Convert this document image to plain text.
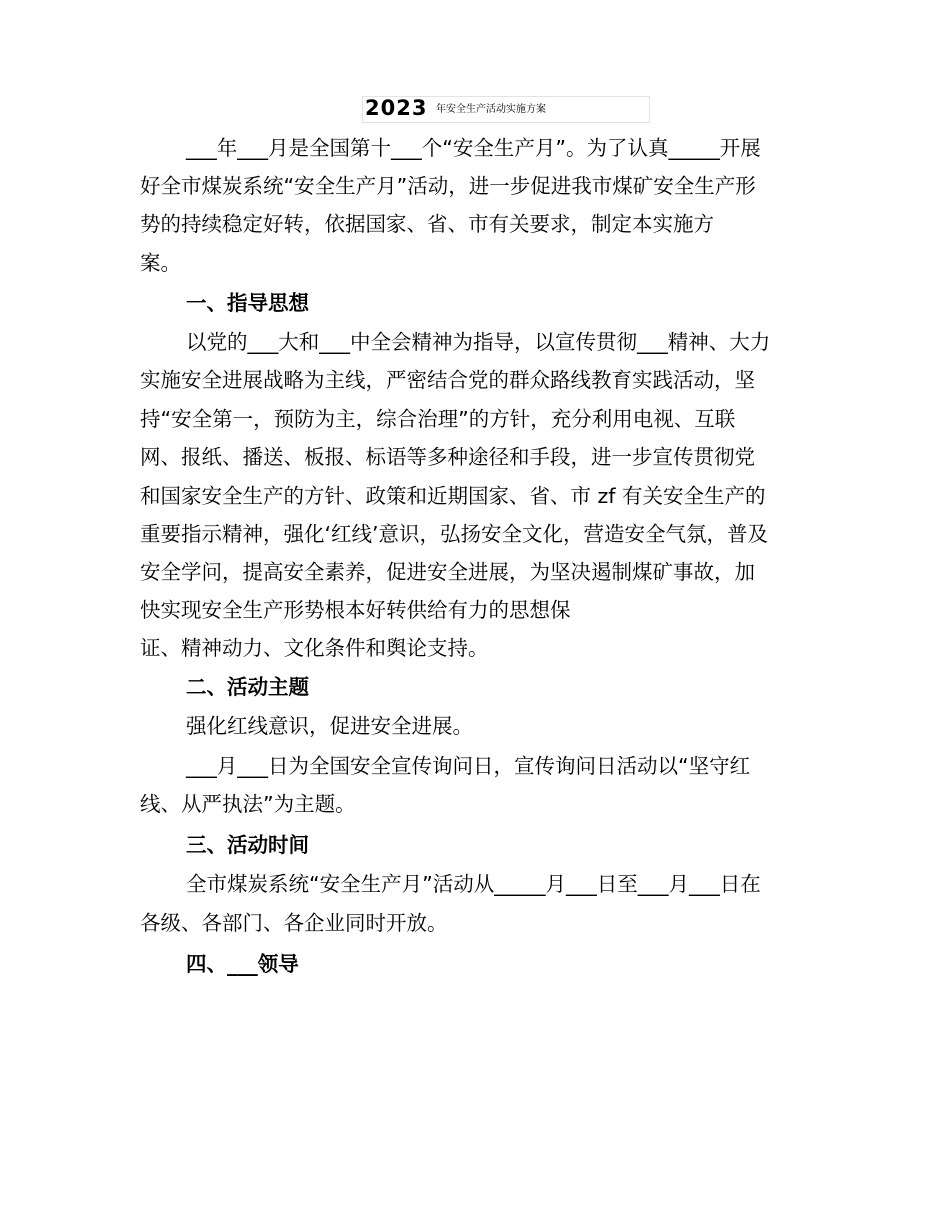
2023 年安全生产活动实施方案
___年___月是全国第十___个“安全生产月”。为了认真_____开展
好全市煤炭系统“安全生产月”活动，进一步促进我市煤矿安全生产形
势的持续稳定好转，依据国家、省、市有关要求，制定本实施方
案。
一、指导思想
以党的___大和___中全会精神为指导，以宣传贯彻___精神、大力
实施安全进展战略为主线，严密结合党的群众路线教育实践活动，坚
持“安全第一，预防为主，综合治理”的方针，充分利用电视、互联
网、报纸、播送、板报、标语等多种途径和手段，进一步宣传贯彻党
和国家安全生产的方针、政策和近期国家、省、市 zf 有关安全生产的
重要指示精神，强化‘红线’意识，弘扬安全文化，营造安全气氛，普及
安全学问，提高安全素养，促进安全进展，为坚决遏制煤矿事故，加
快实现安全生产形势根本好转供给有力的思想保
证、精神动力、文化条件和舆论支持。
二、活动主题
强化红线意识，促进安全进展。
___月___日为全国安全宣传询问日，宣传询问日活动以“坚守红
线、从严执法”为主题。
三、活动时间
全市煤炭系统“安全生产月”活动从_____月___日至___月___日在
各级、各部门、各企业同时开放。
四、___领导
